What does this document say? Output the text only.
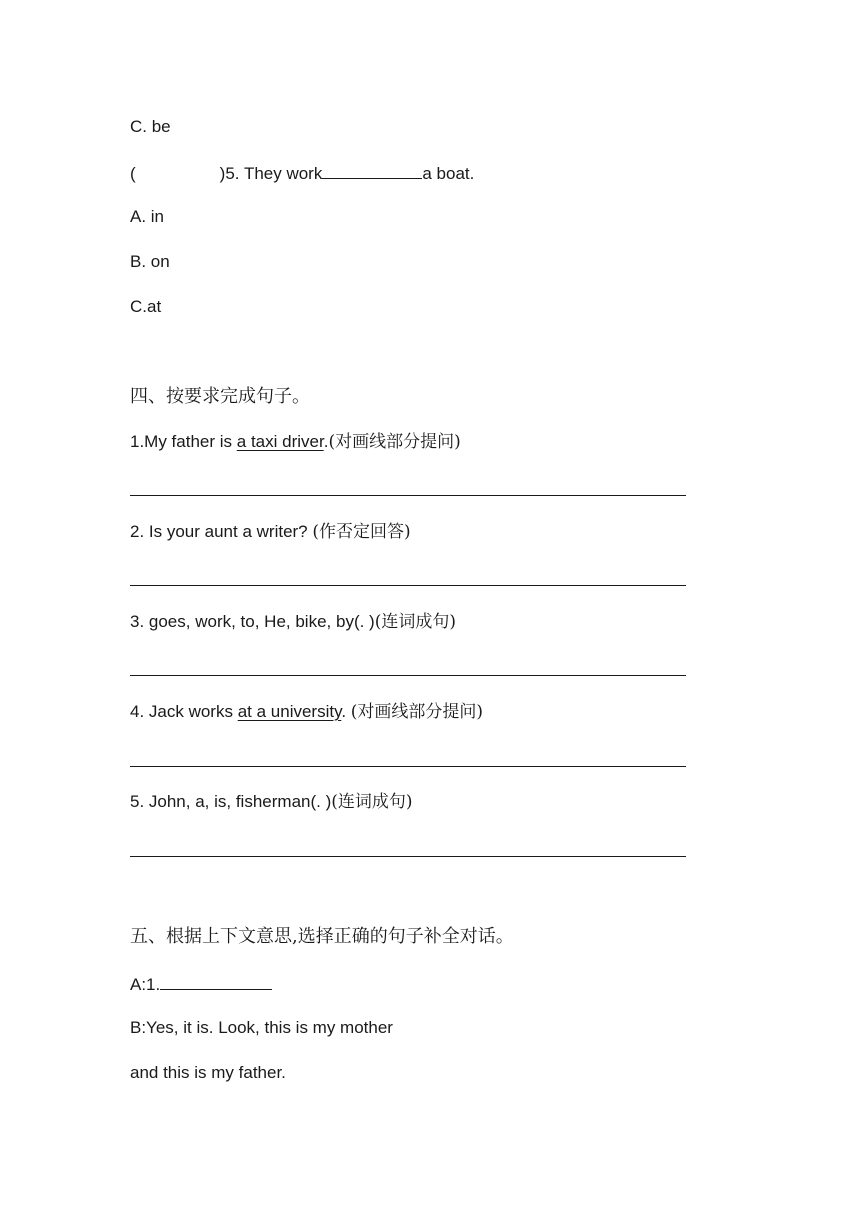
C. be
(	)5. They work	a boat.
A. in
B. on
C.at
四、按要求完成句子。
1.My father is a taxi driver.(对画线部分提问)
2. Is your aunt a writer? (作否定回答)
3. goes, work, to, He, bike, by(. )(连词成句)
4. Jack works at a university. (对画线部分提问)
5. John, a, is, fisherman(. )(连词成句)
五、根据上下文意思,选择正确的句子补全对话。
A:1.
B:Yes, it is. Look, this is my mother
and this is my father.
